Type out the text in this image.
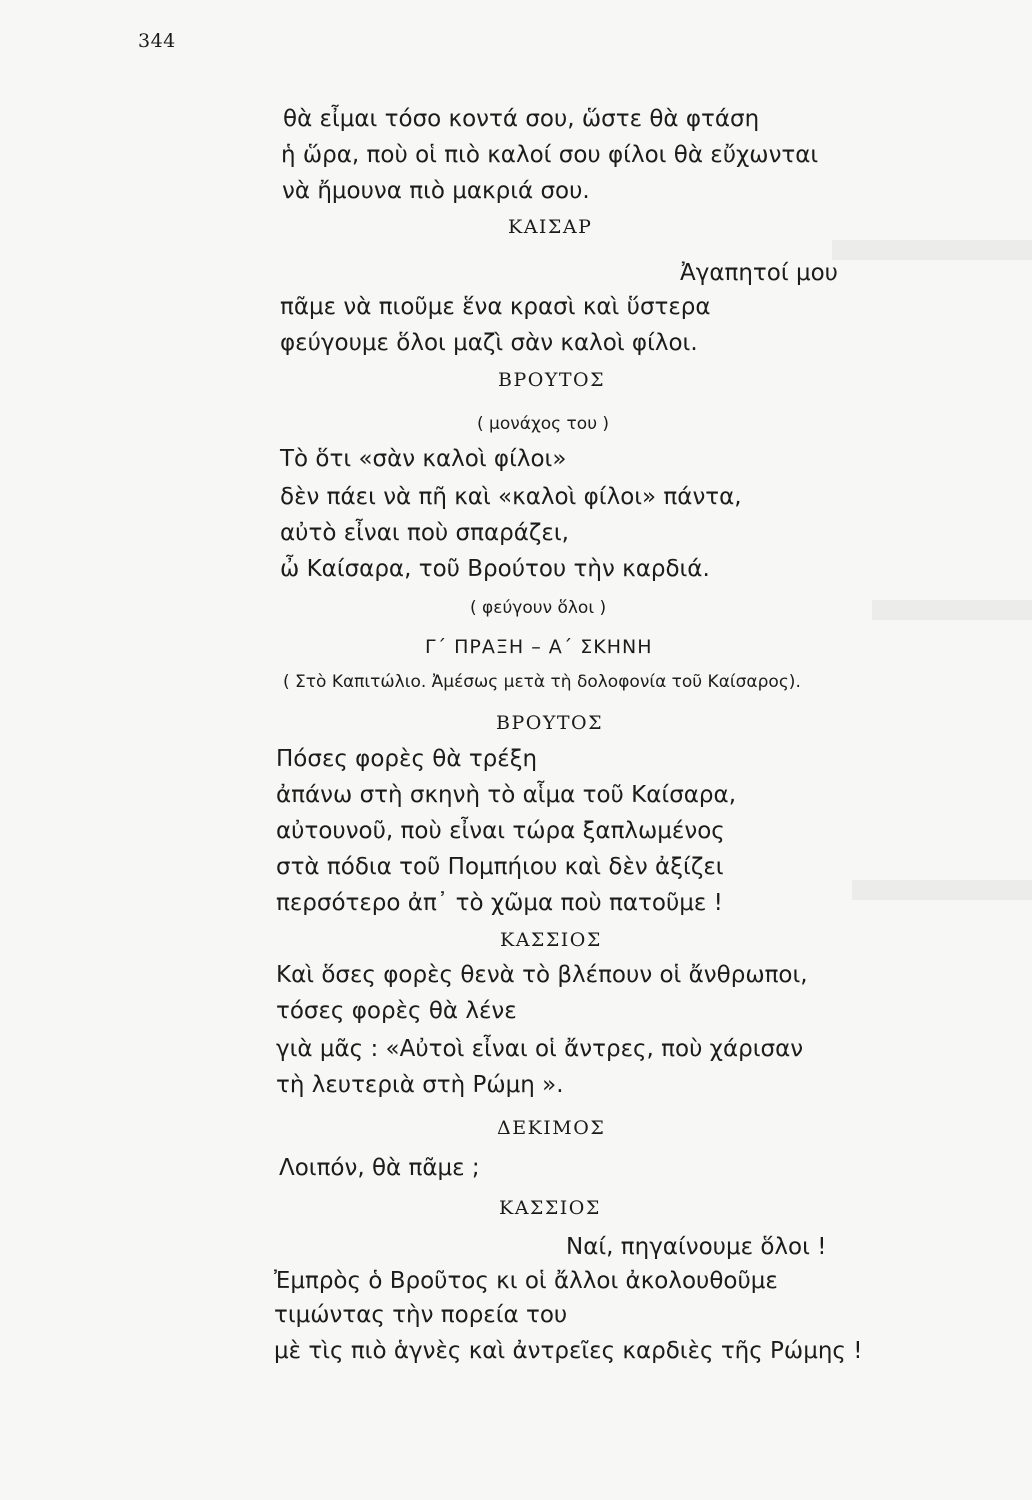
344
θὰ εἶμαι τόσο κοντά σου, ὥστε θὰ φτάση
ἡ ὥρα, ποὺ οἱ πιὸ καλοί σου φίλοι θὰ εὔχωνται
νὰ ἤμουνα πιὸ μακριά σου.
ΚΑΙΣΑΡ
Ἀγαπητοί μου
πᾶμε νὰ πιοῦμε ἕνα κρασὶ καὶ ὕστερα
φεύγουμε ὅλοι μαζὶ σὰν καλοὶ φίλοι.
ΒΡΟΥΤΟΣ
( μονάχος του )
Τὸ ὅτι «σὰν καλοὶ φίλοι»
δὲν πάει νὰ πῆ καὶ «καλοὶ φίλοι» πάντα,
αὐτὸ εἶναι ποὺ σπαράζει,
ὦ Καίσαρα, τοῦ Βρούτου τὴν καρδιά.
( φεύγουν ὅλοι )
Γ΄ ΠΡΑΞΗ – Α΄ ΣΚΗΝΗ
( Στὸ Καπιτώλιο. Ἀμέσως μετὰ τὴ δολοφονία τοῦ Καίσαρος).
ΒΡΟΥΤΟΣ
Πόσες φορὲς θὰ τρέξη
ἀπάνω στὴ σκηνὴ τὸ αἷμα τοῦ Καίσαρα,
αὐτουνοῦ, ποὺ εἶναι τώρα ξαπλωμένος
στὰ πόδια τοῦ Πομπήιου καὶ δὲν ἀξίζει
περσότερο ἀπ᾽ τὸ χῶμα ποὺ πατοῦμε !
ΚΑΣΣΙΟΣ
Καὶ ὅσες φορὲς θενὰ τὸ βλέπουν οἱ ἄνθρωποι,
τόσες φορὲς θὰ λένε
γιὰ μᾶς : «Αὐτοὶ εἶναι οἱ ἄντρες, ποὺ χάρισαν
τὴ λευτεριὰ στὴ Ρώμη ».
ΔΕΚΙΜΟΣ
Λοιπόν, θὰ πᾶμε ;
ΚΑΣΣΙΟΣ
Ναί, πηγαίνουμε ὅλοι !
Ἐμπρὸς ὁ Βροῦτος κι οἱ ἄλλοι ἀκολουθοῦμε
τιμώντας τὴν πορεία του
μὲ τὶς πιὸ ἁγνὲς καὶ ἀντρεῖες καρδιὲς τῆς Ρώμης !
